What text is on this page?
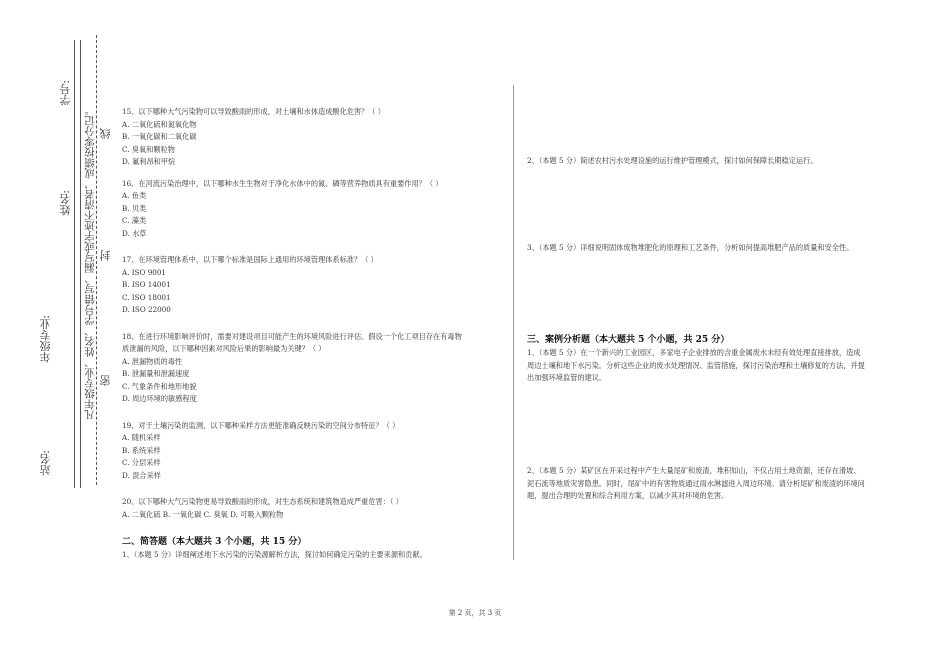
站名:
年级专业:
姓名:
学号:
凡年级专业、姓名、学号错写、漏写或字迹不清者，成绩按零分记。 密
封
线

15、以下哪种大气污染物可以导致酸雨的形成，对土壤和水体造成酸化危害？（ ）

A. 二氧化硫和氮氧化物

B. 一氧化碳和二氧化碳

C. 臭氧和颗粒物

D. 氟利昂和甲烷

16、在河流污染治理中，以下哪种水生生物对于净化水体中的氮、磷等营养物质具有重要作用？（ ）

A. 鱼类

B. 贝类

C. 藻类

D. 水草

17、在环境管理体系中，以下哪个标准是国际上通用的环境管理体系标准？（ ）

A. ISO 9001

B. ISO 14001

C. ISO 18001

D. ISO 22000

18、在进行环境影响评价时，需要对建设项目可能产生的环境风险进行评估。假设一个化工项目存在有毒物质泄漏的风险，以下哪种因素对风险后果的影响最为关键？（ ）

A. 泄漏物质的毒性

B. 泄漏量和泄漏速度

C. 气象条件和地形地貌

D. 周边环境的敏感程度

19、对于土壤污染的监测，以下哪种采样方法更能准确反映污染的空间分布特征？（ ）

A. 随机采样

B. 系统采样

C. 分层采样

D. 混合采样

20、以下哪种大气污染物更易导致酸雨的形成，对生态系统和建筑物造成严重危害：（ ）

A. 二氧化硫 B. 一氧化碳 C. 臭氧 D. 可吸入颗粒物

二、简答题（本大题共 3 个小题，共 15 分）

1、（本题 5 分）详细阐述地下水污染的污染源解析方法，探讨如何确定污染的主要来源和贡献。

2、（本题 5 分）简述农村污水处理设施的运行维护管理模式，探讨如何保障长期稳定运行。

3、（本题 5 分）详细说明固体废物堆肥化的原理和工艺条件，分析如何提高堆肥产品的质量和安全性。

三、案例分析题（本大题共 5 个小题，共 25 分）

1、（本题 5 分）在一个新兴的工业园区，多家电子企业排放的含重金属废水未经有效处理直接排放，造成周边土壤和地下水污染。分析这些企业的废水处理情况、监管措施，探讨污染治理和土壤修复的方法，并提出加强环境监管的建议。

2、（本题 5 分）某矿区在开采过程中产生大量尾矿和废渣，堆积如山，不仅占用土地资源，还存在滑坡、泥石流等地质灾害隐患。同时，尾矿中的有害物质通过雨水淋滤进入周边环境。请分析尾矿和废渣的环境问题，提出合理的处置和综合利用方案，以减少其对环境的危害。

第 2 页，共 3 页
